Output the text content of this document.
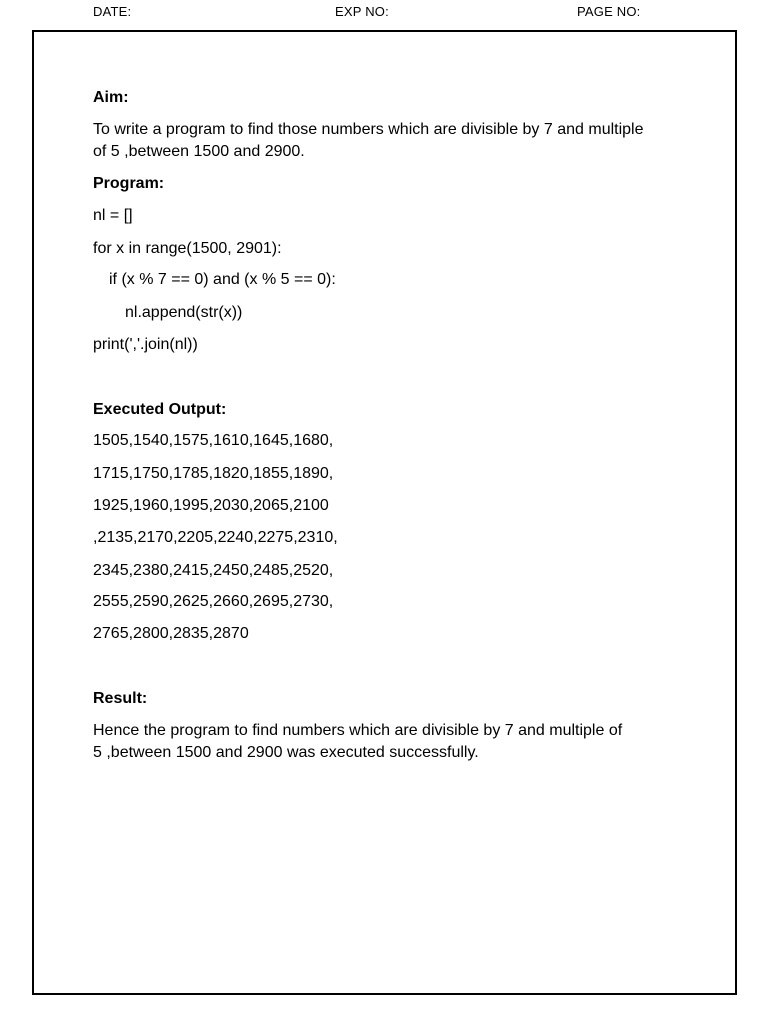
DATE:	EXP NO:	PAGE NO:
Aim:
To write a program to find those numbers which are divisible by 7 and multiple
of 5 ,between 1500 and 2900.
Program:
nl = []
for x in range(1500, 2901):
if (x % 7 == 0) and (x % 5 == 0):
nl.append(str(x))
print(','.join(nl))
Executed Output:
1505,1540,1575,1610,1645,1680,
1715,1750,1785,1820,1855,1890,
1925,1960,1995,2030,2065,2100
,2135,2170,2205,2240,2275,2310,
2345,2380,2415,2450,2485,2520,
2555,2590,2625,2660,2695,2730,
2765,2800,2835,2870
Result:
Hence the program to find numbers which are divisible by 7 and multiple of
5 ,between 1500 and 2900 was executed successfully.
